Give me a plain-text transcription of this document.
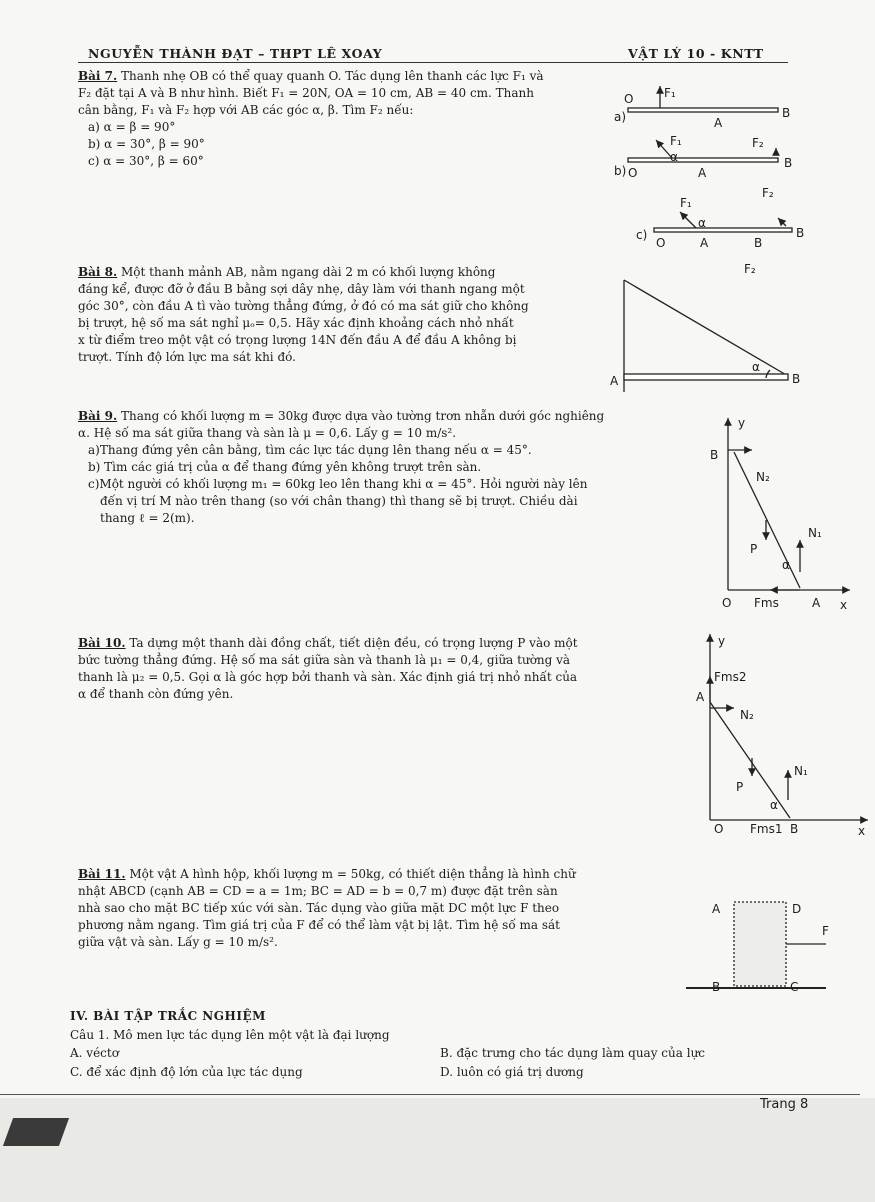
NGUYỄN THÀNH ĐẠT – THPT LÊ XOAY	VẬT LÝ 10 - KNTT

Bài 7. Thanh nhẹ OB có thể quay quanh O. Tác dụng lên thanh các lực F₁ và

F₂ đặt tại A và B như hình. Biết F₁ = 20N, OA = 10 cm, AB = 40 cm. Thanh

cân bằng, F₁ và F₂ hợp với AB các góc α, β. Tìm F₂ nếu:

a) α = β = 90°

b) α = 30°, β = 90°

c) α = 30°, β = 60°

Bài 8. Một thanh mảnh AB, nằm ngang dài 2 m có khối lượng không

đáng kể, được đỡ ở đầu B bằng sợi dây nhẹ, dây làm với thanh ngang một

góc 30°, còn đầu A tì vào tường thẳng đứng, ở đó có ma sát giữ cho không

bị trượt, hệ số ma sát nghỉ μₒ= 0,5. Hãy xác định khoảng cách nhỏ nhất

x từ điểm treo một vật có trọng lượng 14N đến đầu A để đầu A không bị

trượt. Tính độ lớn lực ma sát khi đó.

Bài 9. Thang có khối lượng m = 30kg được dựa vào tường trơn nhẵn dưới góc nghiêng

α. Hệ số ma sát giữa thang và sàn là μ = 0,6. Lấy g = 10 m/s².

a)Thang đứng yên cân bằng, tìm các lực tác dụng lên thang nếu α = 45°.

b) Tìm các giá trị của α để thang đứng yên không trượt trên sàn.

c)Một người có khối lượng m₁ = 60kg leo lên thang khi α = 45°. Hỏi người này lên

đến vị trí M nào trên thang (so với chân thang) thì thang sẽ bị trượt. Chiều dài

thang ℓ = 2(m).

Bài 10. Ta dựng một thanh dài đồng chất, tiết diện đều, có trọng lượng P vào một

bức tường thẳng đứng. Hệ số ma sát giữa sàn và thanh là μ₁ = 0,4, giữa tường và

thanh là μ₂ = 0,5. Gọi α là góc hợp bởi thanh và sàn. Xác định giá trị nhỏ nhất của

α để thanh còn đứng yên.

Bài 11. Một vật A hình hộp, khối lượng m = 50kg, có thiết diện thẳng là hình chữ

nhật ABCD (cạnh AB = CD = a = 1m; BC = AD = b = 0,7 m) được đặt trên sàn

nhà sao cho mặt BC tiếp xúc với sàn. Tác dụng vào giữa mặt DC một lực F theo

phương nằm ngang. Tìm giá trị của F để có thể làm vật bị lật. Tìm hệ số ma sát

giữa vật và sàn. Lấy g = 10 m/s².

IV. BÀI TẬP TRẮC NGHIỆM

Câu 1. Mô men lực tác dụng lên một vật là đại lượng

A. véctơ	B. đặc trưng cho tác dụng làm quay của lực

C. để xác định độ lớn của lực tác dụng	D. luôn có giá trị dương

Trang 8
a)
O	F₁
A
B
F₁	F₂
b) O
α
A
B
F₁
F₂
α
c)
O	A	B
B
F₂
A	B
α
y
B
N₂
N₁
P
α
O Fms	A x
y
Fms2
A
N₂
P
N₁
α
O Fms1 B	x
A	D
F
B	C
